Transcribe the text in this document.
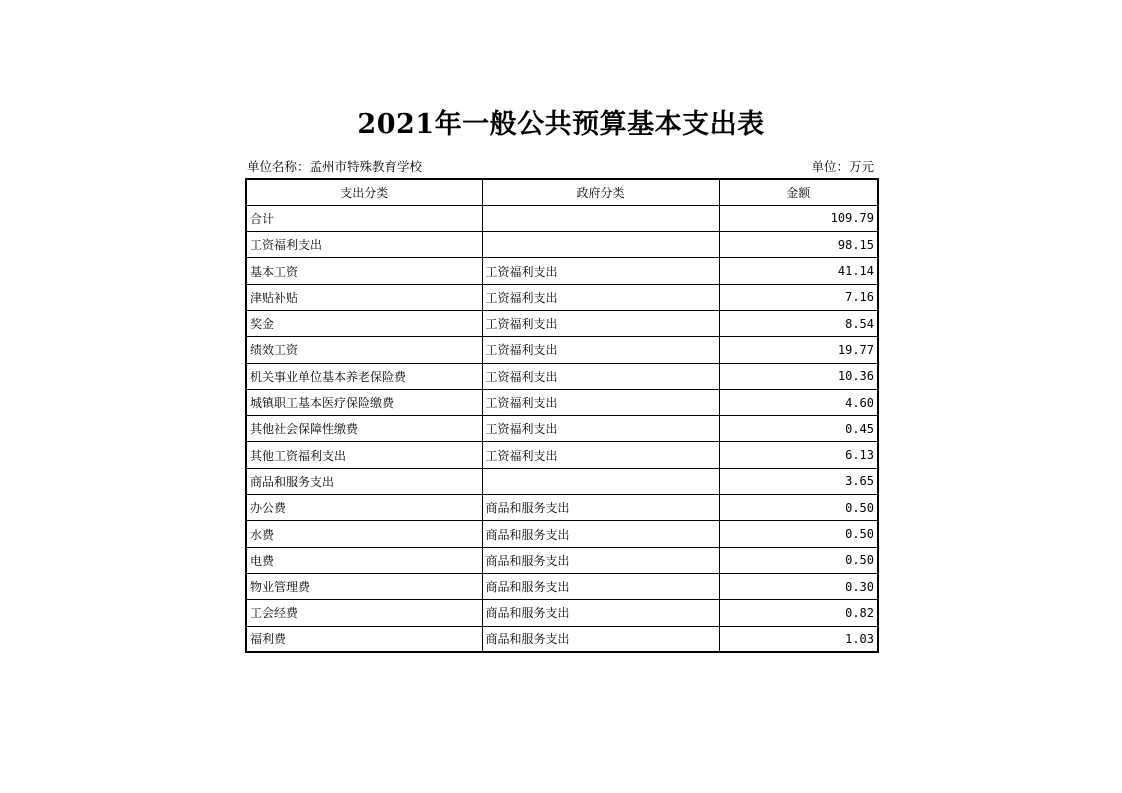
2021年一般公共预算基本支出表
单位名称：孟州市特殊教育学校	单位：万元
支出分类	政府分类	金额
合计		109.79
工资福利支出		98.15
基本工资	工资福利支出	41.14
津贴补贴	工资福利支出	7.16
奖金	工资福利支出	8.54
绩效工资	工资福利支出	19.77
机关事业单位基本养老保险费	工资福利支出	10.36
城镇职工基本医疗保险缴费	工资福利支出	4.60
其他社会保障性缴费	工资福利支出	0.45
其他工资福利支出	工资福利支出	6.13
商品和服务支出		3.65
办公费	商品和服务支出	0.50
水费	商品和服务支出	0.50
电费	商品和服务支出	0.50
物业管理费	商品和服务支出	0.30
工会经费	商品和服务支出	0.82
福利费	商品和服务支出	1.03
